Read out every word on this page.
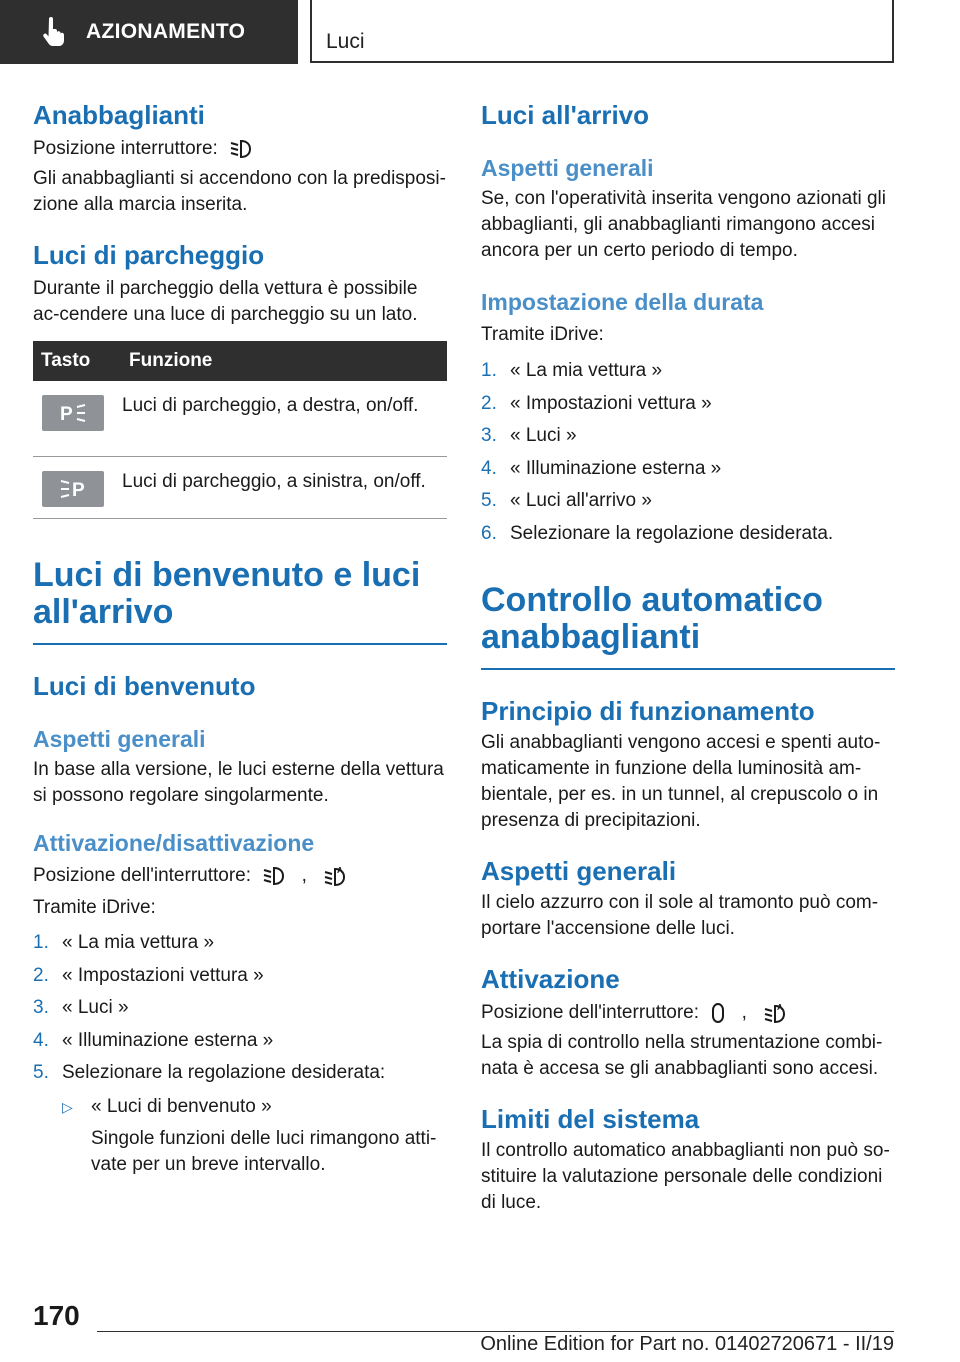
AZIONAMENTO	Luci
Anabbaglianti

Posizione interruttore:

Gli anabbaglianti si accendono con la predisposi-zione alla marcia inserita.

Luci di parcheggio

Durante il parcheggio della vettura è possibile ac-cendere una luce di parcheggio su un lato.

Tasto	Funzione

P	Luci di parcheggio, a destra, on/off.

P	Luci di parcheggio, a sinistra, on/off.
Luci di benvenuto e luci all'arrivo
Luci di benvenuto
Aspetti generali

In base alla versione, le luci esterne della vettura si possono regolare singolarmente.

Attivazione/disattivazione

Posizione dell'interruttore:	,	A

Tramite iDrive:

1. « La mia vettura »
2. « Impostazioni vettura »
3. « Luci »
4. « Illuminazione esterna »
5. Selezionare la regolazione desiderata:
▷ « Luci di benvenuto »

Singole funzioni delle luci rimangono atti-vate per un breve intervallo.

Luci all'arrivo
Aspetti generali

Se, con l'operatività inserita vengono azionati gli abbaglianti, gli anabbaglianti rimangono accesi ancora per un certo periodo di tempo.

Impostazione della durata

Tramite iDrive:

1. « La mia vettura »
2. « Impostazioni vettura »
3. « Luci »
4. « Illuminazione esterna »
5. « Luci all'arrivo »
6. Selezionare la regolazione desiderata.
Controllo automatico anabbaglianti
Principio di funzionamento

Gli anabbaglianti vengono accesi e spenti auto-maticamente in funzione della luminosità am-bientale, per es. in un tunnel, al crepuscolo o in presenza di precipitazioni.

Aspetti generali

Il cielo azzurro con il sole al tramonto può com-portare l'accensione delle luci.

Attivazione

Posizione dell'interruttore: ,	A

La spia di controllo nella strumentazione combi-nata è accesa se gli anabbaglianti sono accesi.

Limiti del sistema

Il controllo automatico anabbaglianti non può so-stituire la valutazione personale delle condizioni di luce.

170
Online Edition for Part no. 01402720671 - II/19
